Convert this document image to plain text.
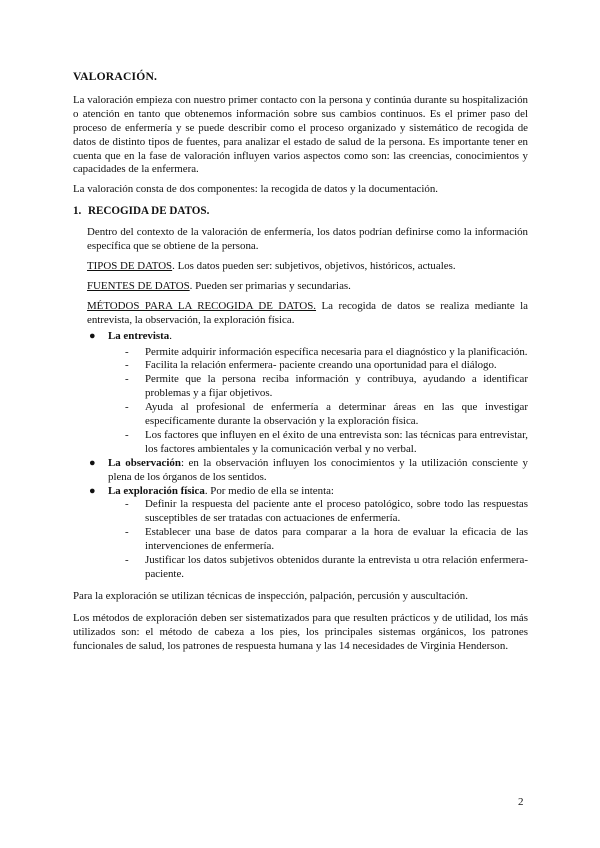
VALORACIÓN.

La valoración empieza con nuestro primer contacto con la persona y continúa durante su hospitalización o atención en tanto que obtenemos información sobre sus cambios continuos. Es el primer paso del proceso de enfermería y se puede describir como el proceso organizado y sistemático de recogida de datos de distinto tipos de fuentes, para analizar el estado de salud de la persona. Es importante tener en cuenta que en la fase de valoración influyen varios aspectos como son: las creencias, conocimientos y capacidades de la enfermera.

La valoración consta de dos componentes: la recogida de datos y la documentación.

1. RECOGIDA DE DATOS.

Dentro del contexto de la valoración de enfermería, los datos podrían definirse como la información específica que se obtiene de la persona.

TIPOS DE DATOS. Los datos pueden ser: subjetivos, objetivos, históricos, actuales.

FUENTES DE DATOS. Pueden ser primarias y secundarias.

MÉTODOS PARA LA RECOGIDA DE DATOS. La recogida de datos se realiza mediante la entrevista, la observación, la exploración física.

● La entrevista.
- Permite adquirir información específica necesaria para el diagnóstico y la planificación.
- Facilita la relación enfermera- paciente creando una oportunidad para el diálogo.
- Permite que la persona reciba información y contribuya, ayudando a identificar problemas y a fijar objetivos.
- Ayuda al profesional de enfermería a determinar áreas en las que investigar específicamente durante la observación y la exploración física.
- Los factores que influyen en el éxito de una entrevista son: las técnicas para entrevistar, los factores ambientales y la comunicación verbal y no verbal.
● La observación: en la observación influyen los conocimientos y la utilización consciente y plena de los órganos de los sentidos.
● La exploración física. Por medio de ella se intenta:
- Definir la respuesta del paciente ante el proceso patológico, sobre todo las respuestas susceptibles de ser tratadas con actuaciones de enfermería.
- Establecer una base de datos para comparar a la hora de evaluar la eficacia de las intervenciones de enfermería.
- Justificar los datos subjetivos obtenidos durante la entrevista u otra relación enfermera- paciente.

Para la exploración se utilizan técnicas de inspección, palpación, percusión y auscultación.

Los métodos de exploración deben ser sistematizados para que resulten prácticos y de utilidad, los más utilizados son: el método de cabeza a los pies, los principales sistemas orgánicos, los patrones funcionales de salud, los patrones de respuesta humana y las 14 necesidades de Virginia Henderson.

2
